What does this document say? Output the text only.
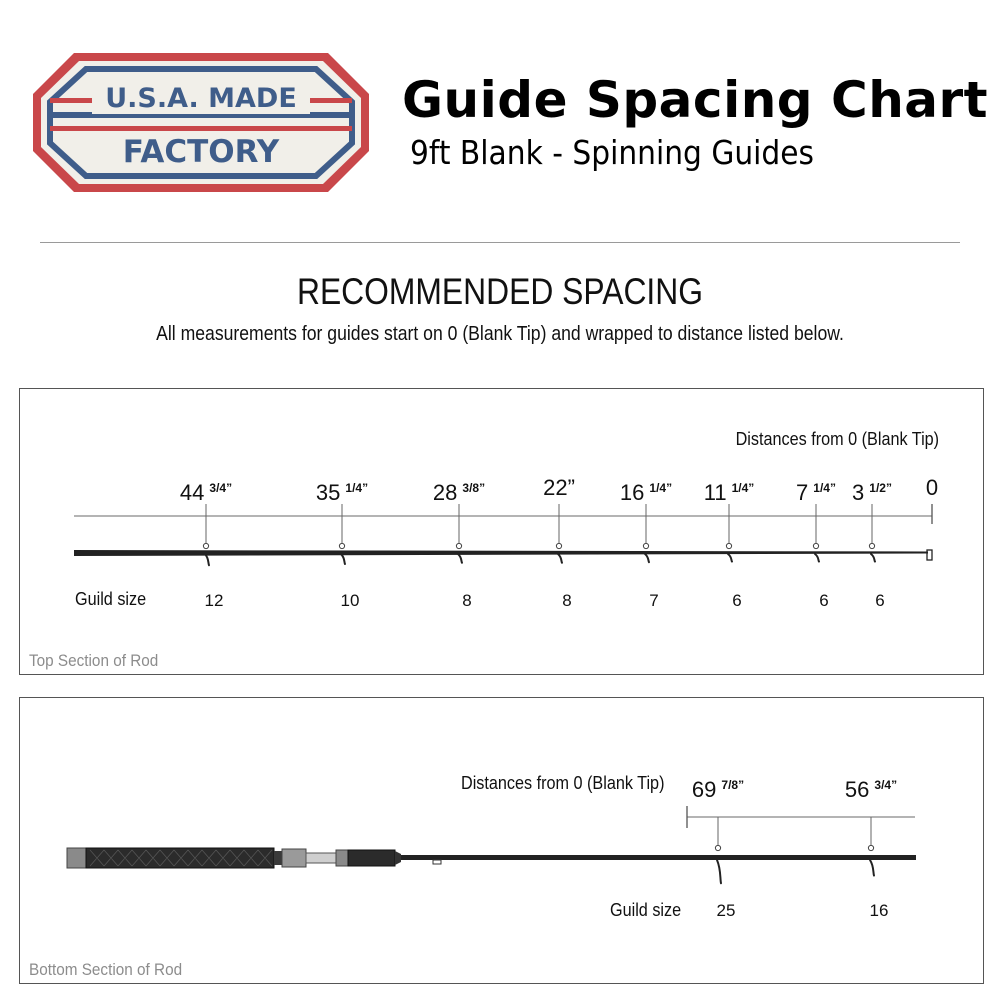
U.S.A. MADE
FACTORY
Guide Spacing Chart
9ft Blank - Spinning Guides
RECOMMENDED SPACING
All measurements for guides start on 0 (Blank Tip) and wrapped to distance listed below.
Distances from 0 (Blank Tip)
0
Guild size
44 $^{3/4”}$
12
35 $^{1/4”}$
10
28 $^{3/8”}$
8
22”
8
16 $^{1/4”}$
7
11 $^{1/4”}$
6
7 $^{1/4”}$
6
3 $^{1/2”}$
6
Top Section of Rod
Distances from 0 (Blank Tip)
Guild size
69 $^{7/8”}$
25
56 $^{3/4”}$
16
Bottom Section of Rod
